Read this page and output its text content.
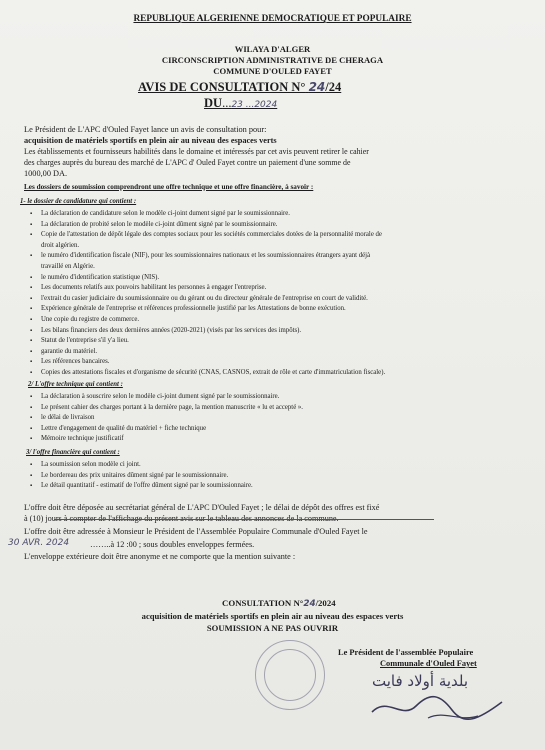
REPUBLIQUE ALGERIENNE DEMOCRATIQUE ET POPULAIRE
WILAYA D'ALGER
CIRCONSCRIPTION ADMINISTRATIVE DE CHERAGA
COMMUNE D'OULED FAYET
AVIS DE CONSULTATION N° 24/24
DU...23 ...2024
Le Président de L'APC d'Ouled Fayet lance un avis de consultation pour:
acquisition de matériels sportifs en plein air au niveau des espaces verts
Les établissements et fournisseurs habilités dans le domaine et intéressés par cet avis peuvent retirer le cahier
des charges auprès du bureau des marché de L'APC d' Ouled Fayet contre un paiement d'une somme de
1000,00 DA.
Les dossiers de soumission comprendront une offre technique et une offre financière, à savoir :
1- le dossier de candidature qui contient :
▪ La déclaration de candidature selon le modèle ci-joint dument signé par le soumissionnaire.
▪ La déclaration de probité selon le modèle ci-joint dûment signé par le soumissionnaire.
▪ Copie de l'attestation de dépôt légale des comptes sociaux pour les sociétés commerciales dotées de la personnalité morale de
droit algérien.
▪ le numéro d'identification fiscale (NIF), pour les soumissionnaires nationaux et les soumissionnaires étrangers ayant déjà
travaillé en Algérie.
▪ le numéro d'identification statistique (NIS).
▪ Les documents relatifs aux pouvoirs habilitant les personnes à engager l'entreprise.
▪ l'extrait du casier judiciaire du soumissionnaire ou du gérant ou du directeur générale de l'entreprise en court de validité.
▪ Expérience générale de l'entreprise et références professionnelle justifié par les Attestations de bonne exécution.
▪ Une copie du registre de commerce.
▪ Les bilans financiers des deux dernières années (2020-2021) (visés par les services des impôts).
▪ Statut de l'entreprise s'il y'a lieu.
▪ garantie du matériel.
▪ Les références bancaires.
▪ Copies des attestations fiscales et d'organisme de sécurité (CNAS, CASNOS, extrait de rôle et carte d'immatriculation fiscale).
2/ L'offre technique qui contient :
▪ La déclaration à souscrire selon le modèle ci-joint dument signé par le soumissionnaire.
▪ Le présent cahier des charges portant à la dernière page, la mention manuscrite « lu et accepté ».
▪ le délai de livraison
▪ Lettre d'engagement de qualité du matériel + fiche technique
▪ Mémoire technique justificatif
3/ l'offre financière qui contient :
▪ La soumission selon modèle ci joint.
▪ Le bordereau des prix unitaires dûment signé par le soumissionnaire.
▪ Le détail quantitatif - estimatif de l'offre dûment signé par le soumissionnaire.
L'offre doit être déposée au secrétariat général de L'APC D'Ouled Fayet ; le délai de dépôt des offres est fixé
à (10) jours à compter de l'affichage du présent avis sur le tableau des annonces de la commune.
L'offre doit être adressée à Monsieur le Président de l'Assemblée Populaire Communale d'Ouled Fayet le
30 AVR. 2024	……..à 12 :00 ; sous doubles enveloppes fermées.
L'enveloppe extérieure doit être anonyme et ne comporte que la mention suivante :
CONSULTATION N°24/2024
acquisition de matériels sportifs en plein air au niveau des espaces verts
SOUMISSION A NE PAS OUVRIR
Le Président de l'assemblée Populaire
Communale d'Ouled Fayet
بلدية أولاد فايت
